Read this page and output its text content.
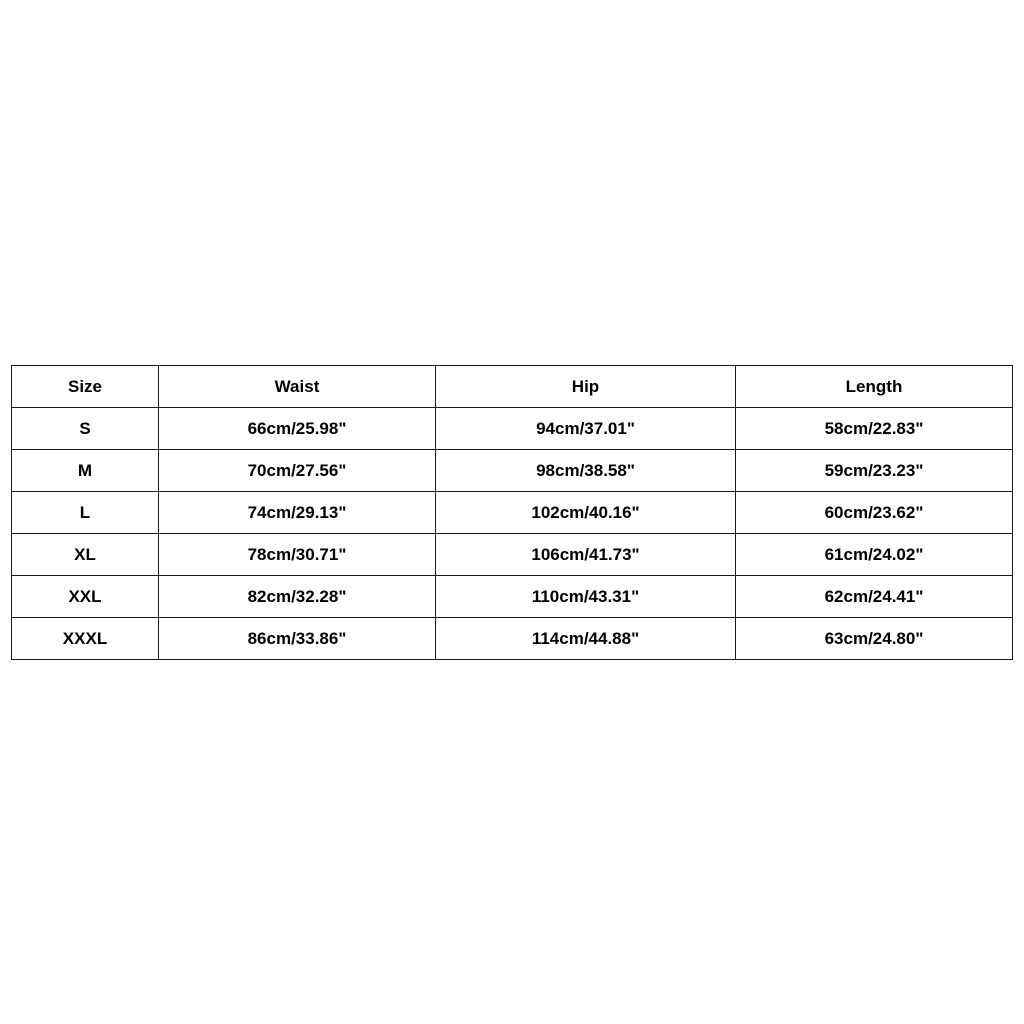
Size	Waist	Hip	Length
S	66cm/25.98"	94cm/37.01"	58cm/22.83"
M	70cm/27.56"	98cm/38.58"	59cm/23.23"
L	74cm/29.13"	102cm/40.16"	60cm/23.62"
XL	78cm/30.71"	106cm/41.73"	61cm/24.02"
XXL	82cm/32.28"	110cm/43.31"	62cm/24.41"
XXXL	86cm/33.86"	114cm/44.88"	63cm/24.80"
